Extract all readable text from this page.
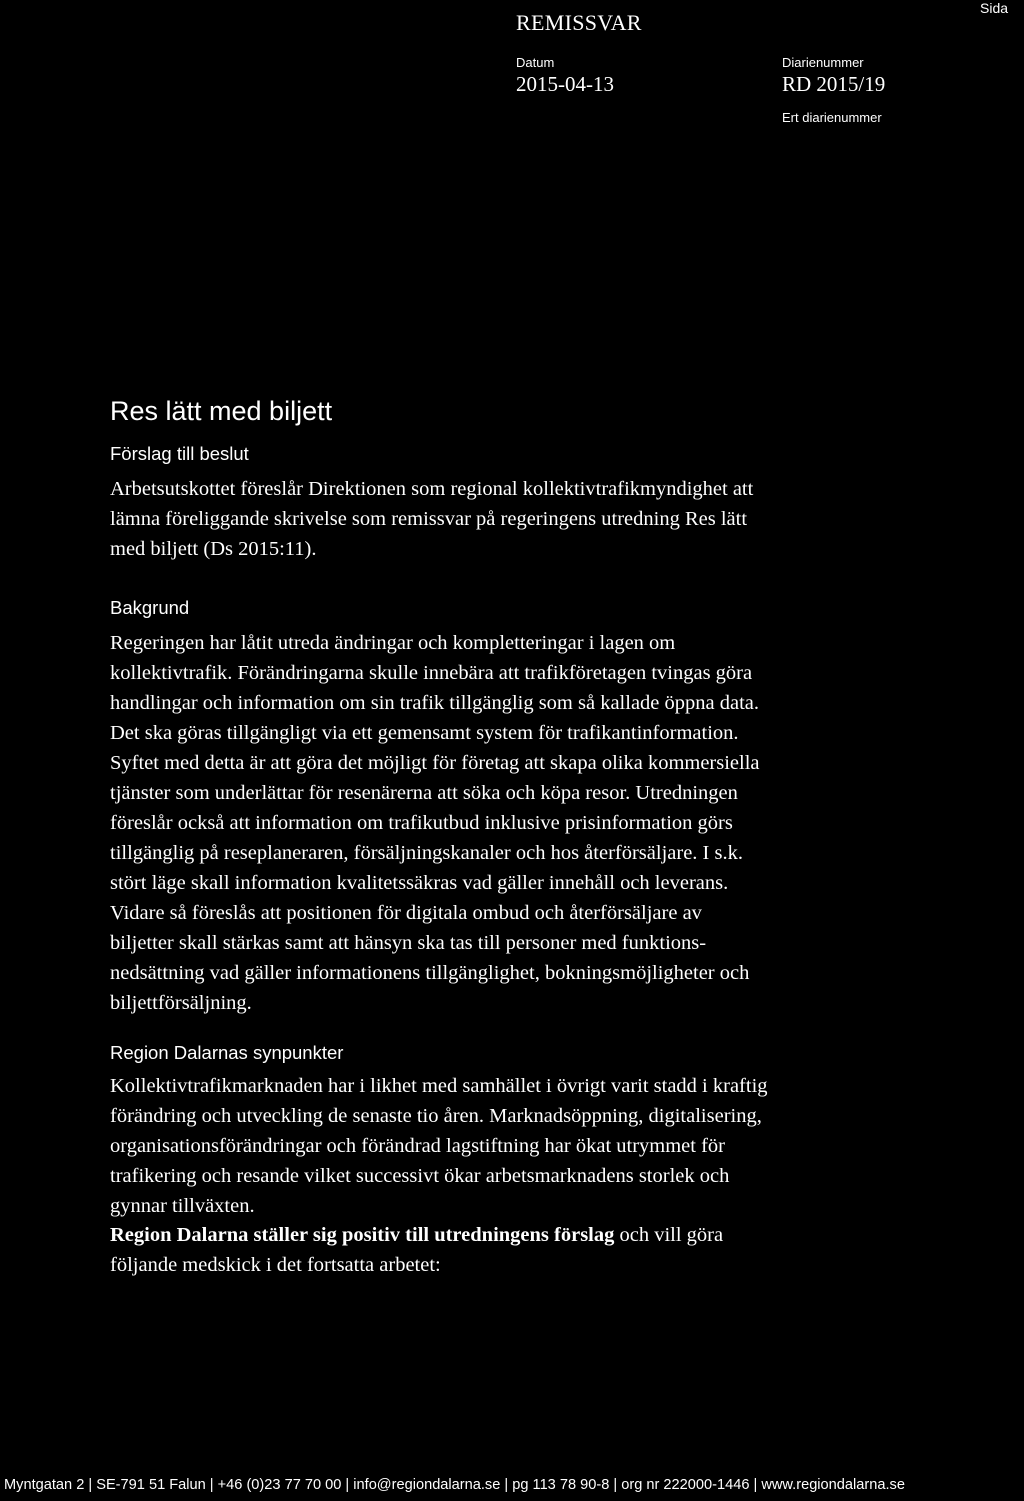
REMISSVAR
Sida
Datum
2015-04-13
Diarienummer
RD 2015/19
Ert diarienummer
Res lätt med biljett
Förslag till beslut

Arbetsutskottet föreslår Direktionen som regional kollektivtrafikmyndighet att
lämna föreliggande skrivelse som remissvar på regeringens utredning Res lätt
med biljett (Ds 2015:11).

Bakgrund

Regeringen har låtit utreda ändringar och kompletteringar i lagen om
kollektivtrafik. Förändringarna skulle innebära att trafikföretagen tvingas göra
handlingar och information om sin trafik tillgänglig som så kallade öppna data.
Det ska göras tillgängligt via ett gemensamt system för trafikantinformation.
Syftet med detta är att göra det möjligt för företag att skapa olika kommersiella
tjänster som underlättar för resenärerna att söka och köpa resor. Utredningen
föreslår också att information om trafikutbud inklusive prisinformation görs
tillgänglig på reseplaneraren, försäljningskanaler och hos återförsäljare. I s.k.
stört läge skall information kvalitetssäkras vad gäller innehåll och leverans.
Vidare så föreslås att positionen för digitala ombud och återförsäljare av
biljetter skall stärkas samt att hänsyn ska tas till personer med funktions-
nedsättning vad gäller informationens tillgänglighet, bokningsmöjligheter och
biljettförsäljning.

Region Dalarnas synpunkter

Kollektivtrafikmarknaden har i likhet med samhället i övrigt varit stadd i kraftig
förändring och utveckling de senaste tio åren. Marknadsöppning, digitalisering,
organisationsförändringar och förändrad lagstiftning har ökat utrymmet för
trafikering och resande vilket successivt ökar arbetsmarknadens storlek och
gynnar tillväxten.

Region Dalarna ställer sig positiv till utredningens förslag och vill göra
följande medskick i det fortsatta arbetet:

Myntgatan 2 | SE-791 51 Falun | +46 (0)23 77 70 00 | info@regiondalarna.se | pg 113 78 90-8 | org nr 222000-1446 | www.regiondalarna.se
